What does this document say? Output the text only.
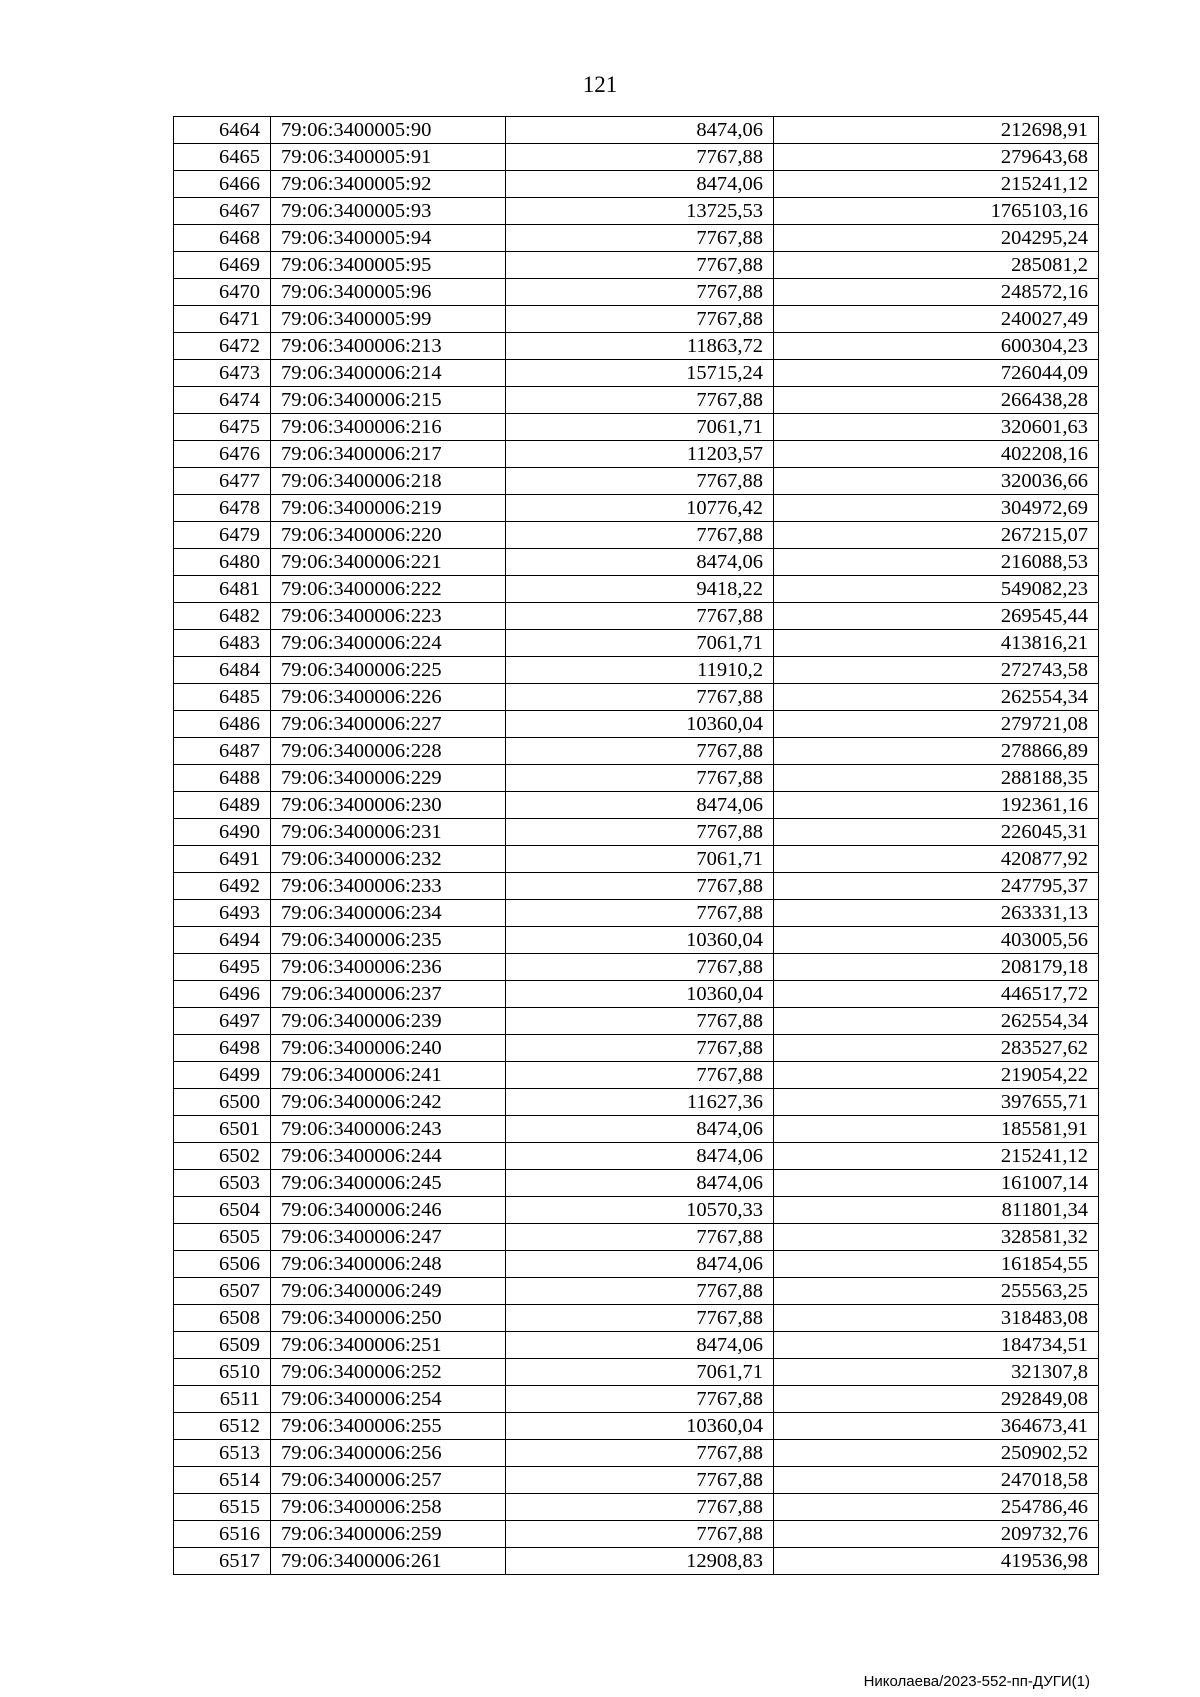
121
6464	79:06:3400005:90	8474,06	212698,91
6465	79:06:3400005:91	7767,88	279643,68
6466	79:06:3400005:92	8474,06	215241,12
6467	79:06:3400005:93	13725,53	1765103,16
6468	79:06:3400005:94	7767,88	204295,24
6469	79:06:3400005:95	7767,88	285081,2
6470	79:06:3400005:96	7767,88	248572,16
6471	79:06:3400005:99	7767,88	240027,49
6472	79:06:3400006:213	11863,72	600304,23
6473	79:06:3400006:214	15715,24	726044,09
6474	79:06:3400006:215	7767,88	266438,28
6475	79:06:3400006:216	7061,71	320601,63
6476	79:06:3400006:217	11203,57	402208,16
6477	79:06:3400006:218	7767,88	320036,66
6478	79:06:3400006:219	10776,42	304972,69
6479	79:06:3400006:220	7767,88	267215,07
6480	79:06:3400006:221	8474,06	216088,53
6481	79:06:3400006:222	9418,22	549082,23
6482	79:06:3400006:223	7767,88	269545,44
6483	79:06:3400006:224	7061,71	413816,21
6484	79:06:3400006:225	11910,2	272743,58
6485	79:06:3400006:226	7767,88	262554,34
6486	79:06:3400006:227	10360,04	279721,08
6487	79:06:3400006:228	7767,88	278866,89
6488	79:06:3400006:229	7767,88	288188,35
6489	79:06:3400006:230	8474,06	192361,16
6490	79:06:3400006:231	7767,88	226045,31
6491	79:06:3400006:232	7061,71	420877,92
6492	79:06:3400006:233	7767,88	247795,37
6493	79:06:3400006:234	7767,88	263331,13
6494	79:06:3400006:235	10360,04	403005,56
6495	79:06:3400006:236	7767,88	208179,18
6496	79:06:3400006:237	10360,04	446517,72
6497	79:06:3400006:239	7767,88	262554,34
6498	79:06:3400006:240	7767,88	283527,62
6499	79:06:3400006:241	7767,88	219054,22
6500	79:06:3400006:242	11627,36	397655,71
6501	79:06:3400006:243	8474,06	185581,91
6502	79:06:3400006:244	8474,06	215241,12
6503	79:06:3400006:245	8474,06	161007,14
6504	79:06:3400006:246	10570,33	811801,34
6505	79:06:3400006:247	7767,88	328581,32
6506	79:06:3400006:248	8474,06	161854,55
6507	79:06:3400006:249	7767,88	255563,25
6508	79:06:3400006:250	7767,88	318483,08
6509	79:06:3400006:251	8474,06	184734,51
6510	79:06:3400006:252	7061,71	321307,8
6511	79:06:3400006:254	7767,88	292849,08
6512	79:06:3400006:255	10360,04	364673,41
6513	79:06:3400006:256	7767,88	250902,52
6514	79:06:3400006:257	7767,88	247018,58
6515	79:06:3400006:258	7767,88	254786,46
6516	79:06:3400006:259	7767,88	209732,76
6517	79:06:3400006:261	12908,83	419536,98
Николаева/2023-552-пп-ДУГИ(1)
